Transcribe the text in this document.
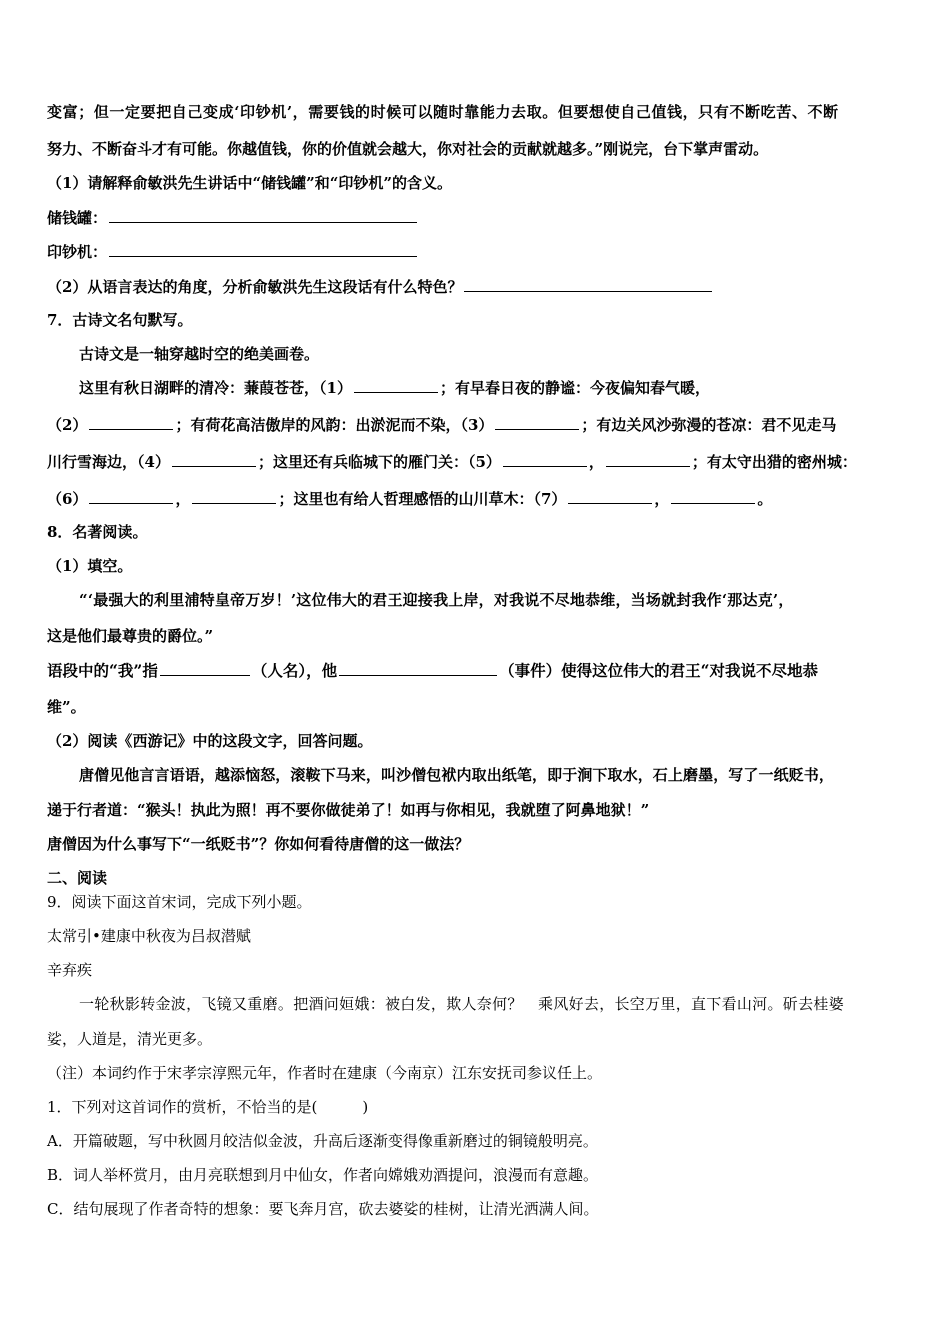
变富；但一定要把自己变成‘印钞机’，需要钱的时候可以随时靠能力去取。但要想使自己值钱，只有不断吃苦、不断
努力、不断奋斗才有可能。你越值钱，你的价值就会越大，你对社会的贡献就越多。”刚说完，台下掌声雷动。
（1）请解释俞敏洪先生讲话中“储钱罐”和“印钞机”的含义。
储钱罐：
印钞机：
（2）从语言表达的角度，分析俞敏洪先生这段话有什么特色？
7．古诗文名句默写。
古诗文是一轴穿越时空的绝美画卷。
这里有秋日湖畔的清冷：蒹葭苍苍，（1）	；有早春日夜的静谧：今夜偏知春气暖，
（2）	；有荷花高洁傲岸的风韵：出淤泥而不染，（3）	；有边关风沙弥漫的苍凉：君不见走马
川行雪海边，（4）	；这里还有兵临城下的雁门关：（5）	，	；有太守出猎的密州城：
（6）	，	；这里也有给人哲理感悟的山川草木：（7）	，	。
8．名著阅读。
（1）填空。
“‘最强大的利里浦特皇帝万岁！’这位伟大的君王迎接我上岸，对我说不尽地恭维，当场就封我作‘那达克’，
这是他们最尊贵的爵位。”
语段中的“我”指	（人名），他	（事件）使得这位伟大的君王“对我说不尽地恭
维”。
（2）阅读《西游记》中的这段文字，回答问题。
唐僧见他言言语语，越添恼怒，滚鞍下马来，叫沙僧包袱内取出纸笔，即于涧下取水，石上磨墨，写了一纸贬书，
递于行者道：“猴头！执此为照！再不要你做徒弟了！如再与你相见，我就堕了阿鼻地狱！”
唐僧因为什么事写下“一纸贬书”？你如何看待唐僧的这一做法？
二、阅读
9．阅读下面这首宋词，完成下列小题。
太常引•建康中秋夜为吕叔潜赋
辛弃疾
一轮秋影转金波，飞镜又重磨。把酒问姮娥：被白发，欺人奈何？　乘风好去，长空万里，直下看山河。斫去桂婆
娑，人道是，清光更多。
（注）本词约作于宋孝宗淳熙元年，作者时在建康（今南京）江东安抚司参议任上。
1．下列对这首词作的赏析，不恰当的是(　　　)
A．开篇破题，写中秋圆月皎洁似金波，升高后逐渐变得像重新磨过的铜镜般明亮。
B．词人举杯赏月，由月亮联想到月中仙女，作者向嫦娥劝酒提问，浪漫而有意趣。
C．结句展现了作者奇特的想象：要飞奔月宫，砍去婆娑的桂树，让清光洒满人间。
